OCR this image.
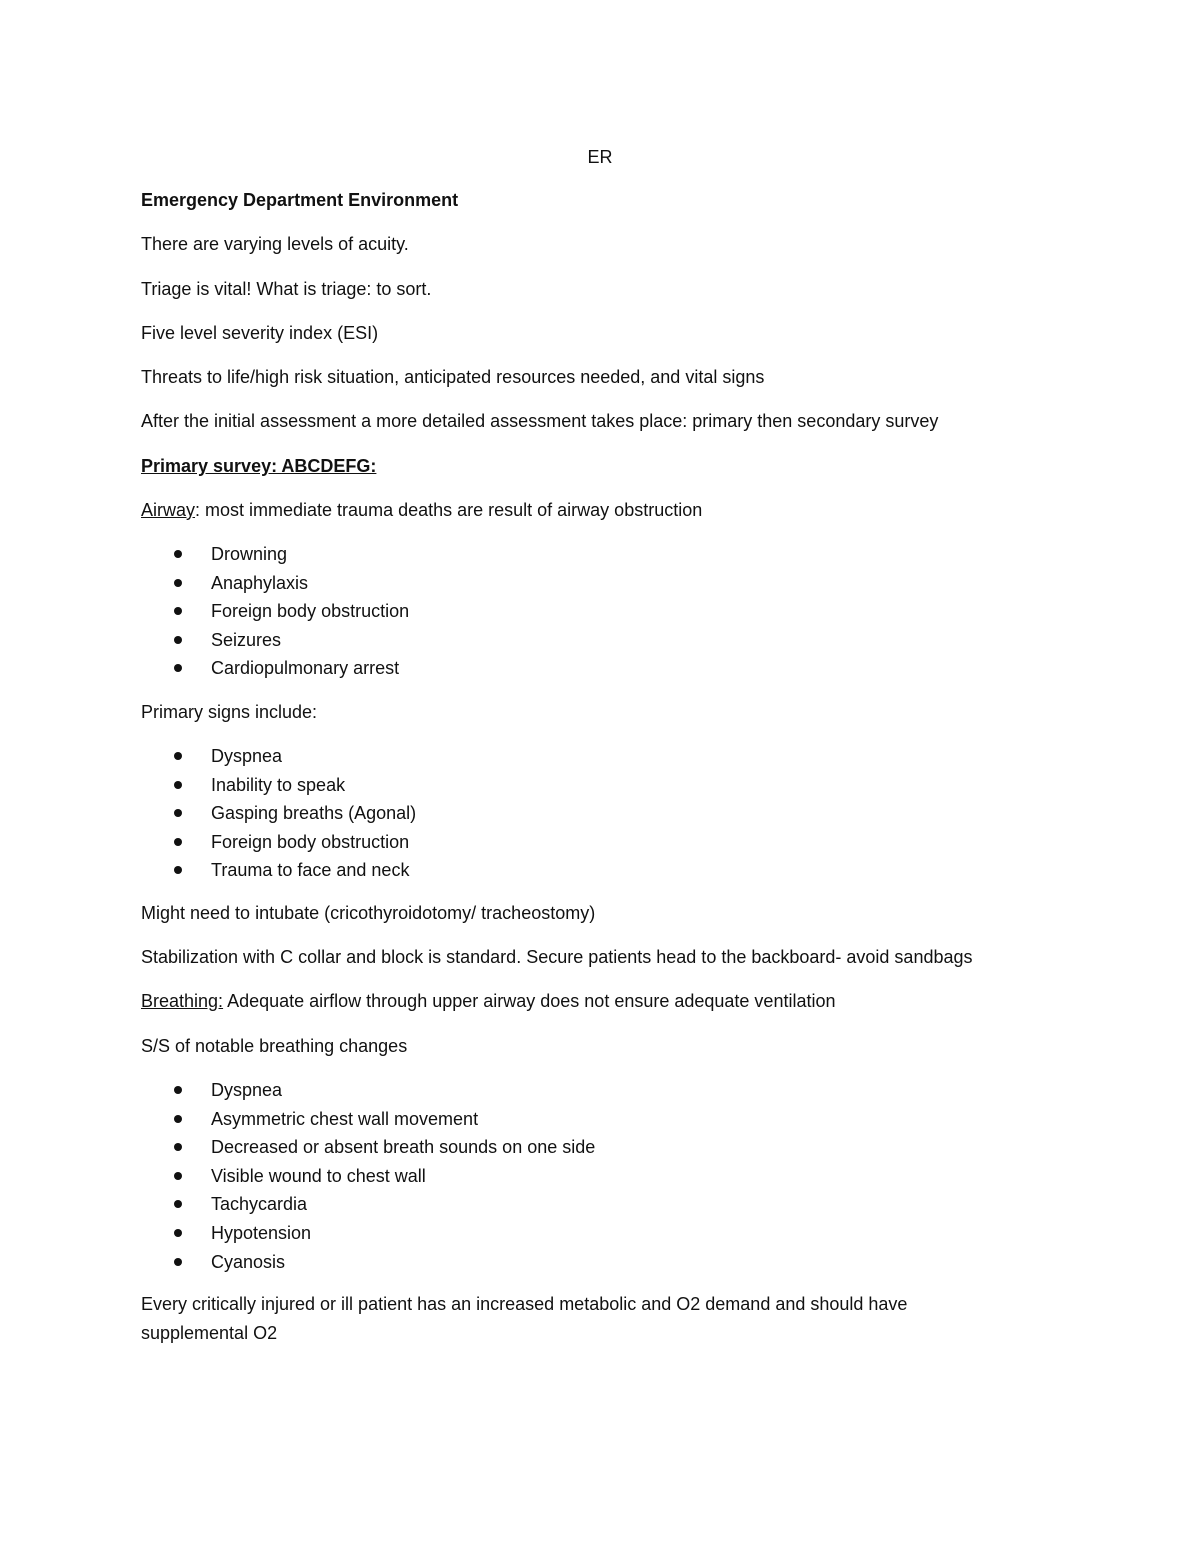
ER
Emergency Department Environment
There are varying levels of acuity.
Triage is vital! What is triage: to sort.
Five level severity index (ESI)
Threats to life/high risk situation, anticipated resources needed, and vital signs
After the initial assessment a more detailed assessment takes place: primary then secondary survey
Primary survey: ABCDEFG:
Airway: most immediate trauma deaths are result of airway obstruction
Drowning
Anaphylaxis
Foreign body obstruction
Seizures
Cardiopulmonary arrest
Primary signs include:
Dyspnea
Inability to speak
Gasping breaths (Agonal)
Foreign body obstruction
Trauma to face and neck
Might need to intubate (cricothyroidotomy/ tracheostomy)
Stabilization with C collar and block is standard. Secure patients head to the backboard- avoid sandbags
Breathing: Adequate airflow through upper airway does not ensure adequate ventilation
S/S of notable breathing changes
Dyspnea
Asymmetric chest wall movement
Decreased or absent breath sounds on one side
Visible wound to chest wall
Tachycardia
Hypotension
Cyanosis
Every critically injured or ill patient has an increased metabolic and O2 demand and should have
supplemental O2
